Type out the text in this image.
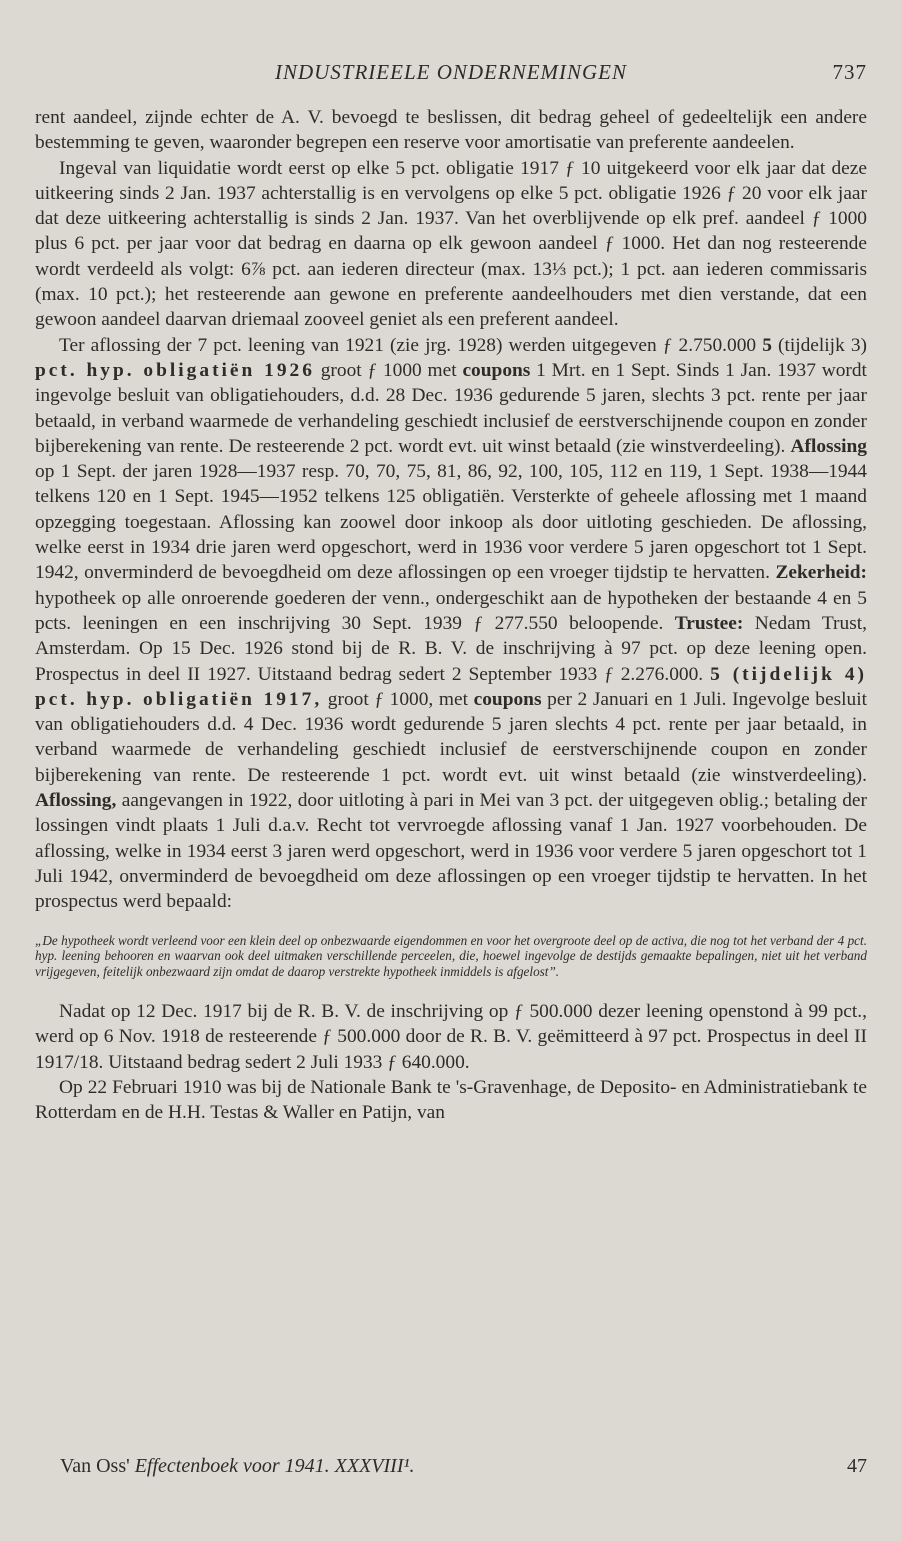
INDUSTRIEELE ONDERNEMINGEN	737

rent aandeel, zijnde echter de A. V. bevoegd te beslissen, dit bedrag geheel of gedeeltelijk een andere bestemming te geven, waaronder begrepen een reserve voor amortisatie van preferente aandeelen.

Ingeval van liquidatie wordt eerst op elke 5 pct. obligatie 1917 ƒ 10 uitgekeerd voor elk jaar dat deze uitkeering sinds 2 Jan. 1937 achterstallig is en vervolgens op elke 5 pct. obligatie 1926 ƒ 20 voor elk jaar dat deze uitkeering achterstallig is sinds 2 Jan. 1937. Van het overblijvende op elk pref. aandeel ƒ 1000 plus 6 pct. per jaar voor dat bedrag en daarna op elk gewoon aandeel ƒ 1000. Het dan nog resteerende wordt verdeeld als volgt: 6⅞ pct. aan iederen directeur (max. 13⅓ pct.); 1 pct. aan iederen commissaris (max. 10 pct.); het resteerende aan gewone en preferente aandeelhouders met dien verstande, dat een gewoon aandeel daarvan driemaal zooveel geniet als een preferent aandeel.

Ter aflossing der 7 pct. leening van 1921 (zie jrg. 1928) werden uitgegeven ƒ 2.750.000 5 (tijdelijk 3) pct. hyp. obligatiën 1926 groot ƒ 1000 met coupons 1 Mrt. en 1 Sept. Sinds 1 Jan. 1937 wordt ingevolge besluit van obligatiehouders, d.d. 28 Dec. 1936 gedurende 5 jaren, slechts 3 pct. rente per jaar betaald, in verband waarmede de verhandeling geschiedt inclusief de eerstverschijnende coupon en zonder bijberekening van rente. De resteerende 2 pct. wordt evt. uit winst betaald (zie winstverdeeling). Aflossing op 1 Sept. der jaren 1928—1937 resp. 70, 70, 75, 81, 86, 92, 100, 105, 112 en 119, 1 Sept. 1938—1944 telkens 120 en 1 Sept. 1945—1952 telkens 125 obligatiën. Versterkte of geheele aflossing met 1 maand opzegging toegestaan. Aflossing kan zoowel door inkoop als door uitloting geschieden. De aflossing, welke eerst in 1934 drie jaren werd opgeschort, werd in 1936 voor verdere 5 jaren opgeschort tot 1 Sept. 1942, onverminderd de bevoegdheid om deze aflossingen op een vroeger tijdstip te hervatten. Zekerheid: hypotheek op alle onroerende goederen der venn., ondergeschikt aan de hypotheken der bestaande 4 en 5 pcts. leeningen en een inschrijving 30 Sept. 1939 ƒ 277.550 beloopende. Trustee: Nedam Trust, Amsterdam. Op 15 Dec. 1926 stond bij de R. B. V. de inschrijving à 97 pct. op deze leening open. Prospectus in deel II 1927. Uitstaand bedrag sedert 2 September 1933 ƒ 2.276.000. 5 (tijdelijk 4) pct. hyp. obligatiën 1917, groot ƒ 1000, met coupons per 2 Januari en 1 Juli. Ingevolge besluit van obligatiehouders d.d. 4 Dec. 1936 wordt gedurende 5 jaren slechts 4 pct. rente per jaar betaald, in verband waarmede de verhandeling geschiedt inclusief de eerstverschijnende coupon en zonder bijberekening van rente. De resteerende 1 pct. wordt evt. uit winst betaald (zie winstverdeeling). Aflossing, aangevangen in 1922, door uitloting à pari in Mei van 3 pct. der uitgegeven oblig.; betaling der lossingen vindt plaats 1 Juli d.a.v. Recht tot vervroegde aflossing vanaf 1 Jan. 1927 voorbehouden. De aflossing, welke in 1934 eerst 3 jaren werd opgeschort, werd in 1936 voor verdere 5 jaren opgeschort tot 1 Juli 1942, onverminderd de bevoegdheid om deze aflossingen op een vroeger tijdstip te hervatten. In het prospectus werd bepaald:

„De hypotheek wordt verleend voor een klein deel op onbezwaarde eigendommen en voor het overgroote deel op de activa, die nog tot het verband der 4 pct. hyp. leening behooren en waarvan ook deel uitmaken verschillende perceelen, die, hoewel ingevolge de destijds gemaakte bepalingen, niet uit het verband vrijgegeven, feitelijk onbezwaard zijn omdat de daarop verstrekte hypotheek inmiddels is afgelost”.

Nadat op 12 Dec. 1917 bij de R. B. V. de inschrijving op ƒ 500.000 dezer leening openstond à 99 pct., werd op 6 Nov. 1918 de resteerende ƒ 500.000 door de R. B. V. geëmitteerd à 97 pct. Prospectus in deel II 1917/18. Uitstaand bedrag sedert 2 Juli 1933 ƒ 640.000.

Op 22 Februari 1910 was bij de Nationale Bank te 's-Gravenhage, de Deposito- en Administratiebank te Rotterdam en de H.H. Testas & Waller en Patijn, van

Van Oss' Effectenboek voor 1941. XXXVIII¹.	47
